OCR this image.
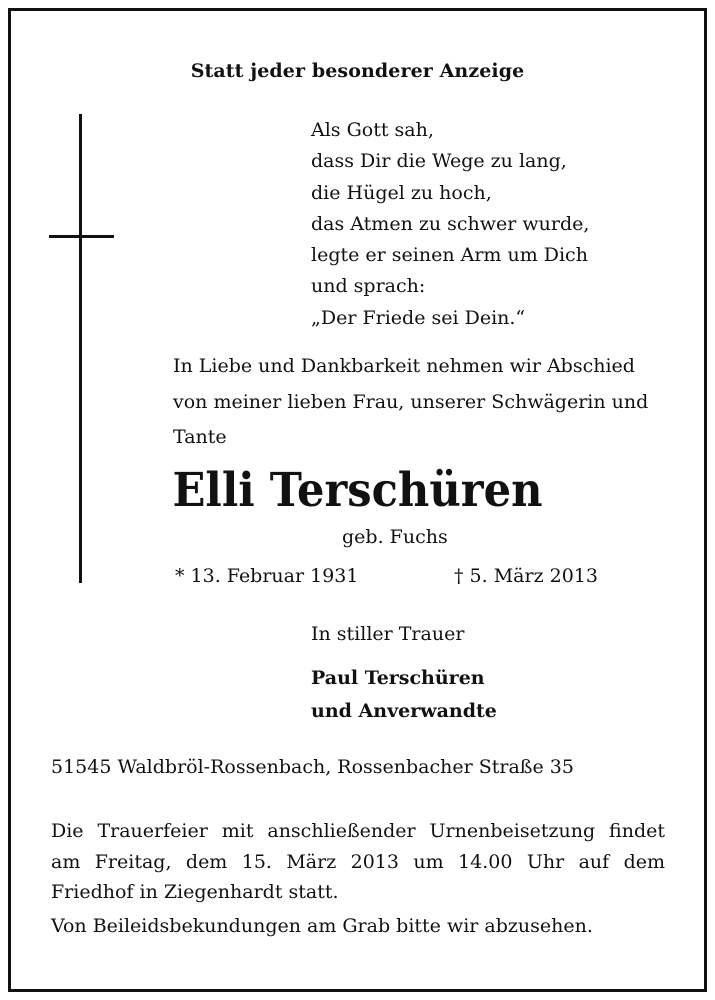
Statt jeder besonderer Anzeige
Als Gott sah,
dass Dir die Wege zu lang,
die Hügel zu hoch,
das Atmen zu schwer wurde,
legte er seinen Arm um Dich
und sprach:
„Der Friede sei Dein.“
In Liebe und Dankbarkeit nehmen wir Abschied
von meiner lieben Frau, unserer Schwägerin und
Tante
Elli Terschüren
geb. Fuchs
* 13. Februar 1931	† 5. März 2013
In stiller Trauer
Paul Terschüren
und Anverwandte
51545 Waldbröl-Rossenbach, Rossenbacher Straße 35
Die Trauerfeier mit anschließender Urnenbeisetzung findet
am Freitag, dem 15. März 2013 um 14.00 Uhr auf dem
Friedhof in Ziegenhardt statt.
Von Beileidsbekundungen am Grab bitte wir abzusehen.
